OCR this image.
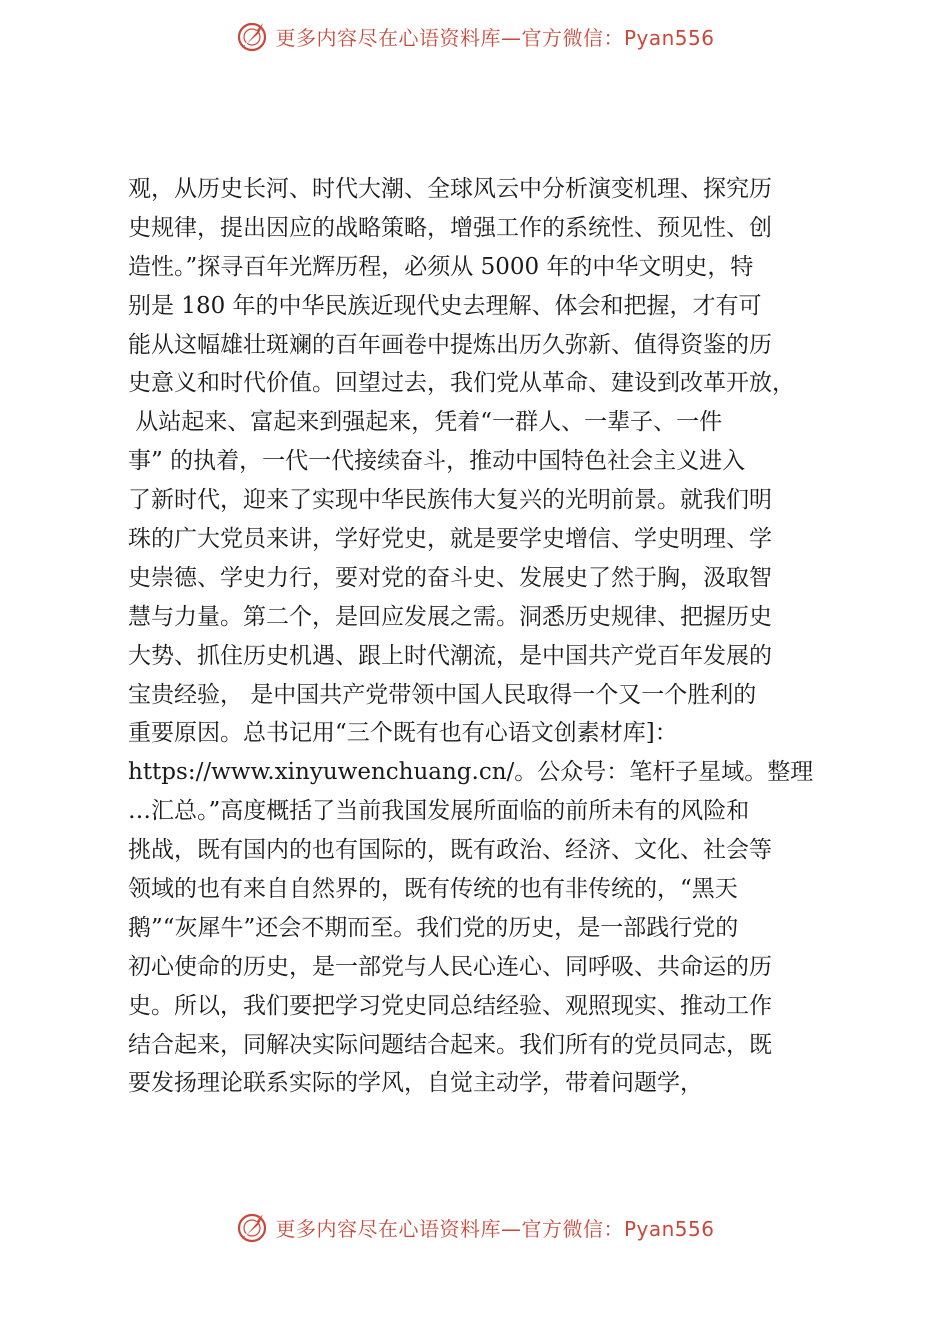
更多内容尽在心语资料库—官方微信：Pyan556
观，从历史长河、时代大潮、全球风云中分析演变机理、探究历
史规律，提出因应的战略策略，增强工作的系统性、预见性、创
造性。”探寻百年光辉历程，必须从 5000 年的中华文明史，特
别是 180 年的中华民族近现代史去理解、体会和把握，才有可
能从这幅雄壮斑斓的百年画卷中提炼出历久弥新、值得资鉴的历
史意义和时代价值。回望过去，我们党从革命、建设到改革开放，
从站起来、富起来到强起来，凭着“一群人、一辈子、一件
事” 的执着，一代一代接续奋斗，推动中国特色社会主义进入
了新时代，迎来了实现中华民族伟大复兴的光明前景。就我们明
珠的广大党员来讲，学好党史，就是要学史增信、学史明理、学
史崇德、学史力行，要对党的奋斗史、发展史了然于胸，汲取智
慧与力量。第二个，是回应发展之需。洞悉历史规律、把握历史
大势、抓住历史机遇、跟上时代潮流，是中国共产党百年发展的
宝贵经验， 是中国共产党带领中国人民取得一个又一个胜利的
重要原因。总书记用“三个既有也有心语文创素材库]：
https://www.xinyuwenchuang.cn/。公众号：笔杆子星域。整理
…汇总。”高度概括了当前我国发展所面临的前所未有的风险和
挑战，既有国内的也有国际的，既有政治、经济、文化、社会等
领域的也有来自自然界的，既有传统的也有非传统的，“黑天
鹅”“灰犀牛”还会不期而至。我们党的历史，是一部践行党的
初心使命的历史，是一部党与人民心连心、同呼吸、共命运的历
史。所以，我们要把学习党史同总结经验、观照现实、推动工作
结合起来，同解决实际问题结合起来。我们所有的党员同志，既
要发扬理论联系实际的学风，自觉主动学，带着问题学，
更多内容尽在心语资料库—官方微信：Pyan556
